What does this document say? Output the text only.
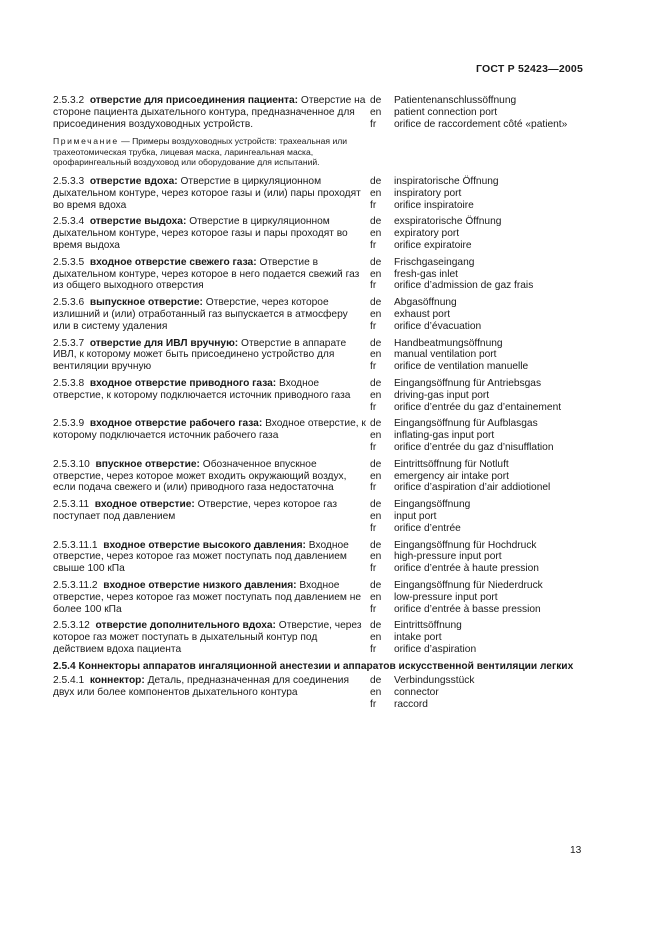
ГОСТ Р 52423—2005
2.5.3.2 отверстие для присоединения пациента: Отверстие на стороне пациента дыхательного контура, предназначенное для присоединения воздуховодных устройств.
de	Patientenanschlussöffnung
en	patient connection port
fr	orifice de raccordement côté «patient»
Примечание — Примеры воздуховодных устройств: трахеальная или трахеотомическая трубка, лицевая маска, ларингеальная маска, орофарингеальный воздуховод или оборудование для испытаний.
2.5.3.3 отверстие вдоха: Отверстие в циркуляционном дыхательном контуре, через которое газы и (или) пары проходят во время вдоха
de	inspiratorische Öffnung
en	inspiratory port
fr	orifice inspiratoire
2.5.3.4 отверстие выдоха: Отверстие в циркуляционном дыхательном контуре, через которое газы и пары проходят во время выдоха
de	exspiratorische Öffnung
en	expiratory port
fr	orifice expiratoire
2.5.3.5 входное отверстие свежего газа: Отверстие в дыхательном контуре, через которое в него подается свежий газ из общего выходного отверстия
de	Frischgaseingang
en	fresh-gas inlet
fr	orifice d’admission de gaz frais
2.5.3.6 выпускное отверстие: Отверстие, через которое излишний и (или) отработанный газ выпускается в атмосферу или в систему удаления
de	Abgasöffnung
en	exhaust port
fr	orifice d’évacuation
2.5.3.7 отверстие для ИВЛ вручную: Отверстие в аппарате ИВЛ, к которому может быть присоединено устройство для вентиляции вручную
de	Handbeatmungsöffnung
en	manual ventilation port
fr	orifice de ventilation manuelle
2.5.3.8 входное отверстие приводного газа: Входное отверстие, к которому подключается источник приводного газа
de	Eingangsöffnung für Antriebsgas
en	driving-gas input port
fr	orifice d’entrée du gaz d’entainement
2.5.3.9 входное отверстие рабочего газа: Входное отверстие, к которому подключается источник рабочего газа
de	Eingangsöffnung für Aufblasgas
en	inflating-gas input port
fr	orifice d’entrée du gaz d’nisufflation
2.5.3.10 впускное отверстие: Обозначенное впускное отверстие, через которое может входить окружающий воздух, если подача свежего и (или) приводного газа недостаточна
de	Eintrittsöffnung für Notluft
en	emergency air intake port
fr	orifice d’aspiration d’air addiotionel
2.5.3.11 входное отверстие: Отверстие, через которое газ поступает под давлением
de	Eingangsöffnung
en	input port
fr	orifice d’entrée
2.5.3.11.1 входное отверстие высокого давления: Входное отверстие, через которое газ может поступать под давлением свыше 100 кПа
de	Eingangsöffnung für Hochdruck
en	high-pressure input port
fr	orifice d’entrée à haute pression
2.5.3.11.2 входное отверстие низкого давления: Входное отверстие, через которое газ может поступать под давлением не более 100 кПа
de	Eingangsöffnung für Niederdruck
en	low-pressure input port
fr	orifice d’entrée à basse pression
2.5.3.12 отверстие дополнительного вдоха: Отверстие, через которое газ может поступать в дыхательный контур под действием вдоха пациента
de	Eintrittsöffnung
en	intake port
fr	orifice d’aspiration
2.5.4 Коннекторы аппаратов ингаляционной анестезии и аппаратов искусственной вентиляции легких
2.5.4.1 коннектор: Деталь, предназначенная для соединения двух или более компонентов дыхательного контура
de	Verbindungsstück
en	connector
fr	raccord
13
